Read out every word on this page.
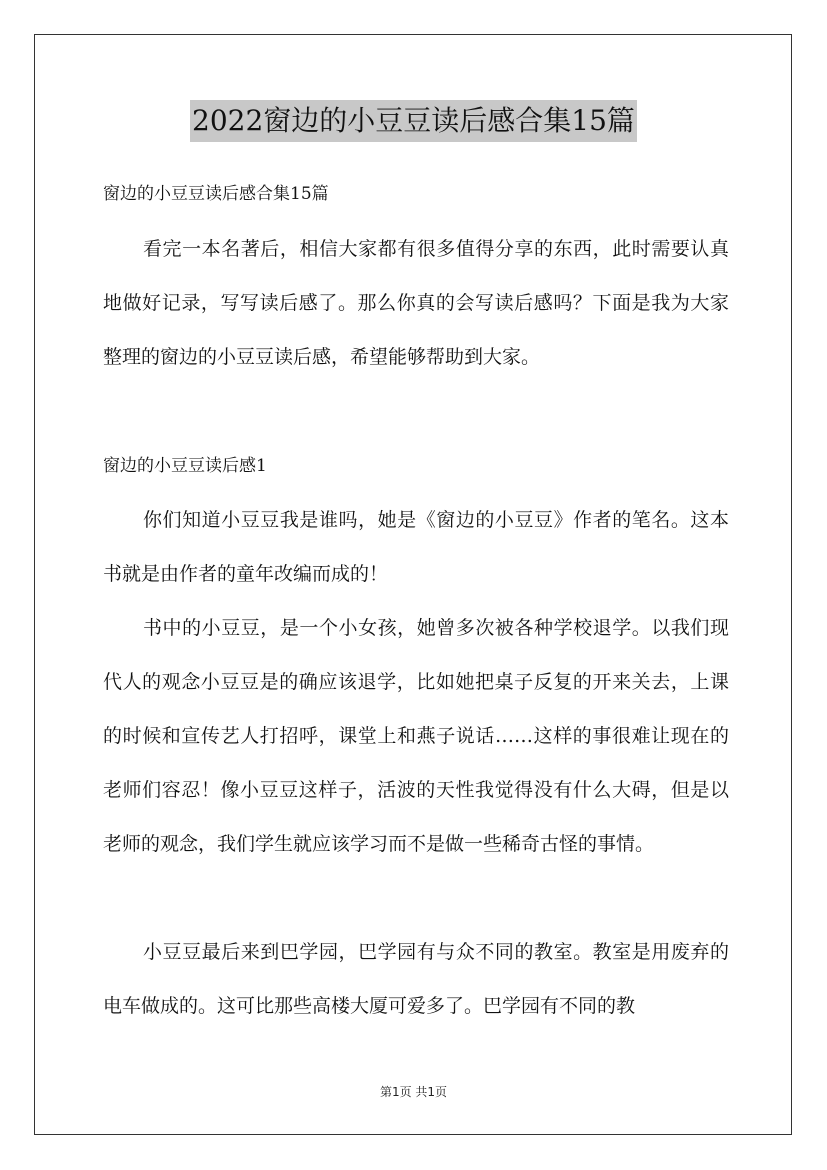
2022窗边的小豆豆读后感合集15篇
窗边的小豆豆读后感合集15篇

看完一本名著后，相信大家都有很多值得分享的东西，此时需要认真地做好记录，写写读后感了。那么你真的会写读后感吗？下面是我为大家整理的窗边的小豆豆读后感，希望能够帮助到大家。

窗边的小豆豆读后感1

你们知道小豆豆我是谁吗，她是《窗边的小豆豆》作者的笔名。这本书就是由作者的童年改编而成的！

书中的小豆豆，是一个小女孩，她曾多次被各种学校退学。以我们现代人的观念小豆豆是的确应该退学，比如她把桌子反复的开来关去，上课的时候和宣传艺人打招呼，课堂上和燕子说话……这样的事很难让现在的老师们容忍！像小豆豆这样子，活波的天性我觉得没有什么大碍，但是以老师的观念，我们学生就应该学习而不是做一些稀奇古怪的事情。

小豆豆最后来到巴学园，巴学园有与众不同的教室。教室是用废弃的电车做成的。这可比那些高楼大厦可爱多了。巴学园有不同的教

第1页 共1页
